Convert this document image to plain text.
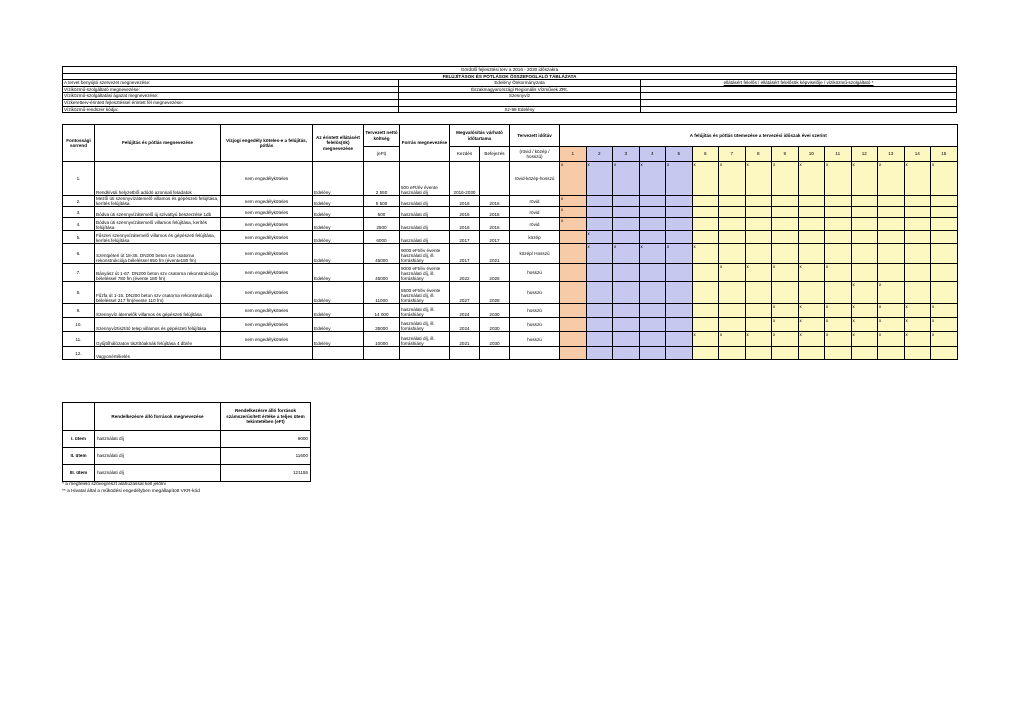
Gördülő fejlesztési terv a 2016 - 2030 időszakra		
FELÚJÍTÁSOK ÉS PÓTLÁSOK ÖSSZEFOGLALÓ TÁBLÁZATA		
A tervet benyújtó szervezet megnevezése:	Edelény Önkormányzata	ellátásért felelős / ellátásért felelősök képviselője / víziközmű-szolgáltató *
Víziközmű-szolgáltató megnevezése:	Északmagyarországi Regionális Vízművek ZRt.	
Víziközmű-szolgáltatási ágazat megnevezése:	Szennyvíz	
Vízkeretterv-érintett fejlesztéssel érintett fél megnevezése:		
Víziközmű-rendszer kódja:	Sz-98 Edelény	
Fontossági sorrend	Felújítás és pótlás megnevezése	Vízjogi engedély köteles-e a felújítás, pótlás	Az érintett ellátásért felelős(ök) megnevezése	Tervezett nettó költség	Forrás megnevezése	Megvalósítás várható időtartama		Tervezett időtáv	A felújítás és pótlás ütemezése a tervezési időszak évei szerint														
				(eFt)		Kezdés	Befejezés	(rövid / közép / hosszú)	1	2	3	4	5	6	7	8	9	10	11	12	13	14	15
1.	Rendkívüli helyzetből adódó azonnali feladatok	nem engedélyköteles	Edelény	2 550	500 eFt/év évente használati díj	2016-2030		rövid-közép-hosszú	x	x	x	x	x	x	x	x	x	x	x	x	x	x	x
2.	Mezői úti szennyvízátemelő villamos és gépészeti felújítása, kerítés felújítása	nem engedélyköteles	Edelény	5 500	használati díj	2016	2016	rövid	x														
3.	Bódva úti szennyvízátemelő új szívattyú beszerzése 1db	nem engedélyköteles	Edelény	500	használati díj	2016	2016	rövid	x														
4.	Bódva úti szennyvízátemelő villamos felújítása, kerítés felújítása	nem engedélyköteles	Edelény	2500	használati díj	2016	2016	rövid	x														
5.	Fűszeri szennyvízátemelő villamos és gépészeti felújítása, kerítés felújítása	nem engedélyköteles	Edelény	6000	használati díj	2017	2017	közép		x													
6.	Szentpéteri út 18-35. DN200 beton szv csatorna rekonstrukciója béleléssel 850 fm (évente180 fm)	nem engedélyköteles	Edelény	45000	9000 eFt/év évente használati díj, ill. forráshiány	2017	2021	közép/ Hosszú		x	x	x	x	x									
7.	Bányász út 1-67. DN200 beton szv csatorna rekonstrukciója béleléssel 780 fm (évente 180 fm)	nem engedélyköteles	Edelény	45000	9000 eFt/év évente használati díj, ill. forráshiány	2022	2026	hosszú							x	x	x	x	x				
8.	Fűzfa út 1-15. DN200 beton szv csatorna rekonstrukciója béleléssel 217 fm(évente 110 fm)	nem engedélyköteles	Edelény	11000	5500 eFt/év évente használati díj, ill. forráshiány	2027	2028	hosszú												x	x		
9.	Szennyvíz átemelők villamos és gépészeti felújítása	nem engedélyköteles	Edelény	14 000	használati díj, ill. forráshiány	2024	2030	hosszú									x	x	x	x	x	x	x
10.	Szennyvíztisztító telep villamos és gépészeti felújítása	nem engedélyköteles	Edelény	35000	használati díj, ill. forráshiány	2024	2030	hosszú									x	x	x	x	x	x	x
11.	Gyűjtőhálózaton tisztítóaknák felújítása 4 db/év	nem engedélyköteles	Edelény	10000	használati díj, ill. forráshiány	2021	2030	hosszú						x	x	x	x	x	x	x	x	x	x
12.	Vagyonértékelés																						
	Rendelkezésre álló források megnevezése	Rendelkezésre álló források számszerűsített értéke a teljes ütem tekintetében (eFt)
I. ütem	használati díj	9000
II. ütem	használati díj	11600
III. ütem	használati díj	121155
* a megfelelő szövegrészt aláhúzással kell jelölni
** a Hivatal által a működési engedélyben megállapított VKR-kód
